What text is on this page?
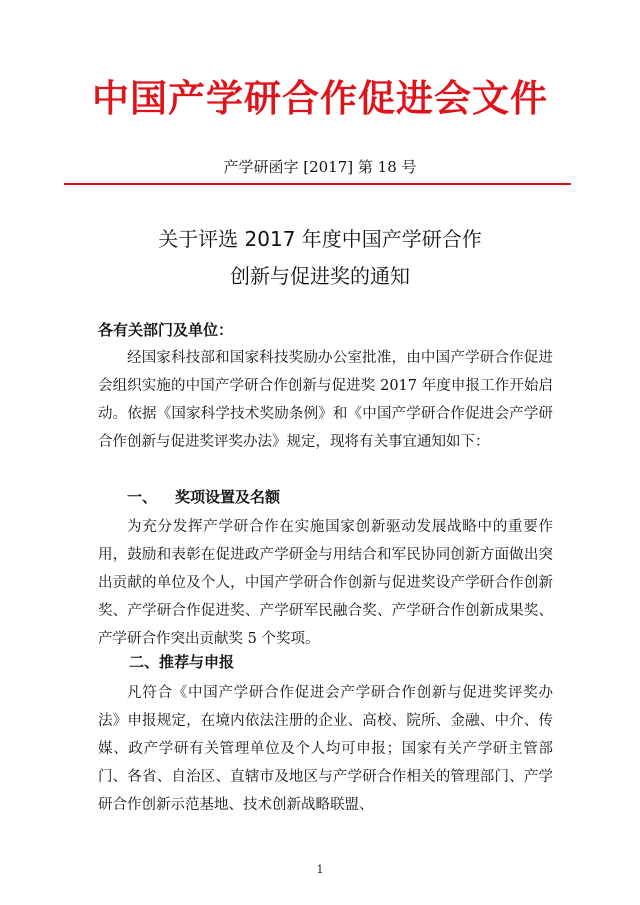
中国产学研合作促进会文件
产学研函字 [2017] 第 18 号
关于评选 2017 年度中国产学研合作
创新与促进奖的通知
各有关部门及单位：

经国家科技部和国家科技奖励办公室批准，由中国产学研合作促进会组织实施的中国产学研合作创新与促进奖 2017 年度申报工作开始启动。依据《国家科学技术奖励条例》和《中国产学研合作促进会产学研合作创新与促进奖评奖办法》规定，现将有关事宜通知如下：

一、 奖项设置及名额

为充分发挥产学研合作在实施国家创新驱动发展战略中的重要作用，鼓励和表彰在促进政产学研金与用结合和军民协同创新方面做出突出贡献的单位及个人，中国产学研合作创新与促进奖设产学研合作创新奖、产学研合作促进奖、产学研军民融合奖、产学研合作创新成果奖、产学研合作突出贡献奖 5 个奖项。

二、推荐与申报

凡符合《中国产学研合作促进会产学研合作创新与促进奖评奖办法》申报规定，在境内依法注册的企业、高校、院所、金融、中介、传媒、政产学研有关管理单位及个人均可申报；国家有关产学研主管部门、各省、自治区、直辖市及地区与产学研合作相关的管理部门、产学研合作创新示范基地、技术创新战略联盟、

1
